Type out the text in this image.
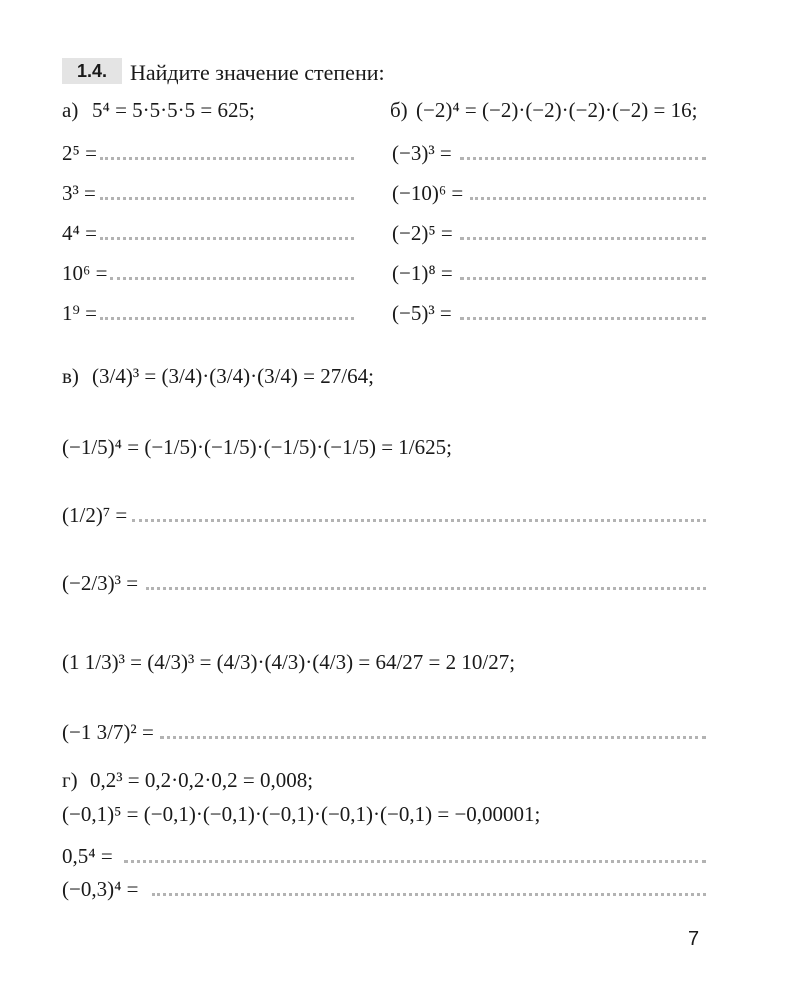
1.4.	Найдите значение степени:
а) 5⁴ = 5·5·5·5 = 625;
2⁵ =
3³ =
4⁴ =
10⁶ =
1⁹ =
б) (−2)⁴ = (−2)·(−2)·(−2)·(−2) = 16;
(−3)³ =
(−10)⁶ =
(−2)⁵ =
(−1)⁸ =
(−5)³ =
в) (3/4)³ = (3/4)·(3/4)·(3/4) = 27/64;
(−1/5)⁴ = (−1/5)·(−1/5)·(−1/5)·(−1/5) = 1/625;
(1/2)⁷ =
(−2/3)³ =
(1 1/3)³ = (4/3)³ = (4/3)·(4/3)·(4/3) = 64/27 = 2 10/27;
(−1 3/7)² =
г) 0,2³ = 0,2·0,2·0,2 = 0,008;
(−0,1)⁵ = (−0,1)·(−0,1)·(−0,1)·(−0,1)·(−0,1) = −0,00001;
0,5⁴ =
(−0,3)⁴ =
7
